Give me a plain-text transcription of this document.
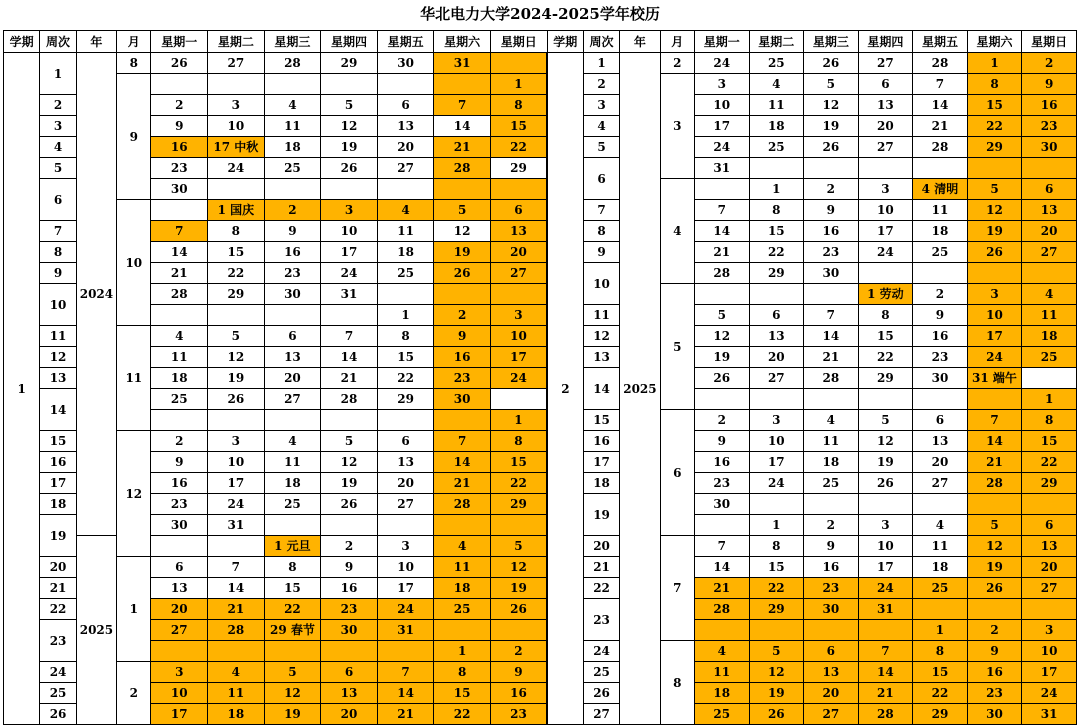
华北电力大学2024-2025学年校历
学期	周次	年	月	星期一	星期二	星期三	星期四	星期五	星期六	星期日	学期	周次	年	月	星期一	星期二	星期三	星期四	星期五	星期六	星期日
1	1	2024	8	26	27	28	29	30	31		2	1	2025	2	24	25	26	27	28	1	2
			9							1		2		3	3	4	5	6	7	8	9
	2			2	3	4	5	6	7	8		3			10	11	12	13	14	15	16
	3			9	10	11	12	13	14	15		4			17	18	19	20	21	22	23
	4			16	17 中秋	18	19	20	21	22		5			24	25	26	27	28	29	30
	5			23	24	25	26	27	28	29		6			31						
	6			30										4		1	2	3	4 清明	5	6
			10		1 国庆	2	3	4	5	6		7			7	8	9	10	11	12	13
	7			7	8	9	10	11	12	13		8			14	15	16	17	18	19	20
	8			14	15	16	17	18	19	20		9			21	22	23	24	25	26	27
	9			21	22	23	24	25	26	27		10			28	29	30				
	10			28	29	30	31							5				1 劳动	2	3	4
								1	2	3		11			5	6	7	8	9	10	11
	11		11	4	5	6	7	8	9	10		12			12	13	14	15	16	17	18
	12			11	12	13	14	15	16	17		13			19	20	21	22	23	24	25
	13			18	19	20	21	22	23	24		14			26	27	28	29	30	31 端午	
	14			25	26	27	28	29	30												1
										1		15		6	2	3	4	5	6	7	8
	15		12	2	3	4	5	6	7	8		16			9	10	11	12	13	14	15
	16			9	10	11	12	13	14	15		17			16	17	18	19	20	21	22
	17			16	17	18	19	20	21	22		18			23	24	25	26	27	28	29
	18			23	24	25	26	27	28	29		19			30						
	19			30	31											1	2	3	4	5	6
		2025				1 元旦	2	3	4	5		20		7	7	8	9	10	11	12	13
	20		1	6	7	8	9	10	11	12		21			14	15	16	17	18	19	20
	21			13	14	15	16	17	18	19		22			21	22	23	24	25	26	27
	22			20	21	22	23	24	25	26		23			28	29	30	31			
	23			27	28	29 春节	30	31											1	2	3
									1	2		24		8	4	5	6	7	8	9	10
	24		2	3	4	5	6	7	8	9		25			11	12	13	14	15	16	17
	25			10	11	12	13	14	15	16		26			18	19	20	21	22	23	24
	26			17	18	19	20	21	22	23		27			25	26	27	28	29	30	31
